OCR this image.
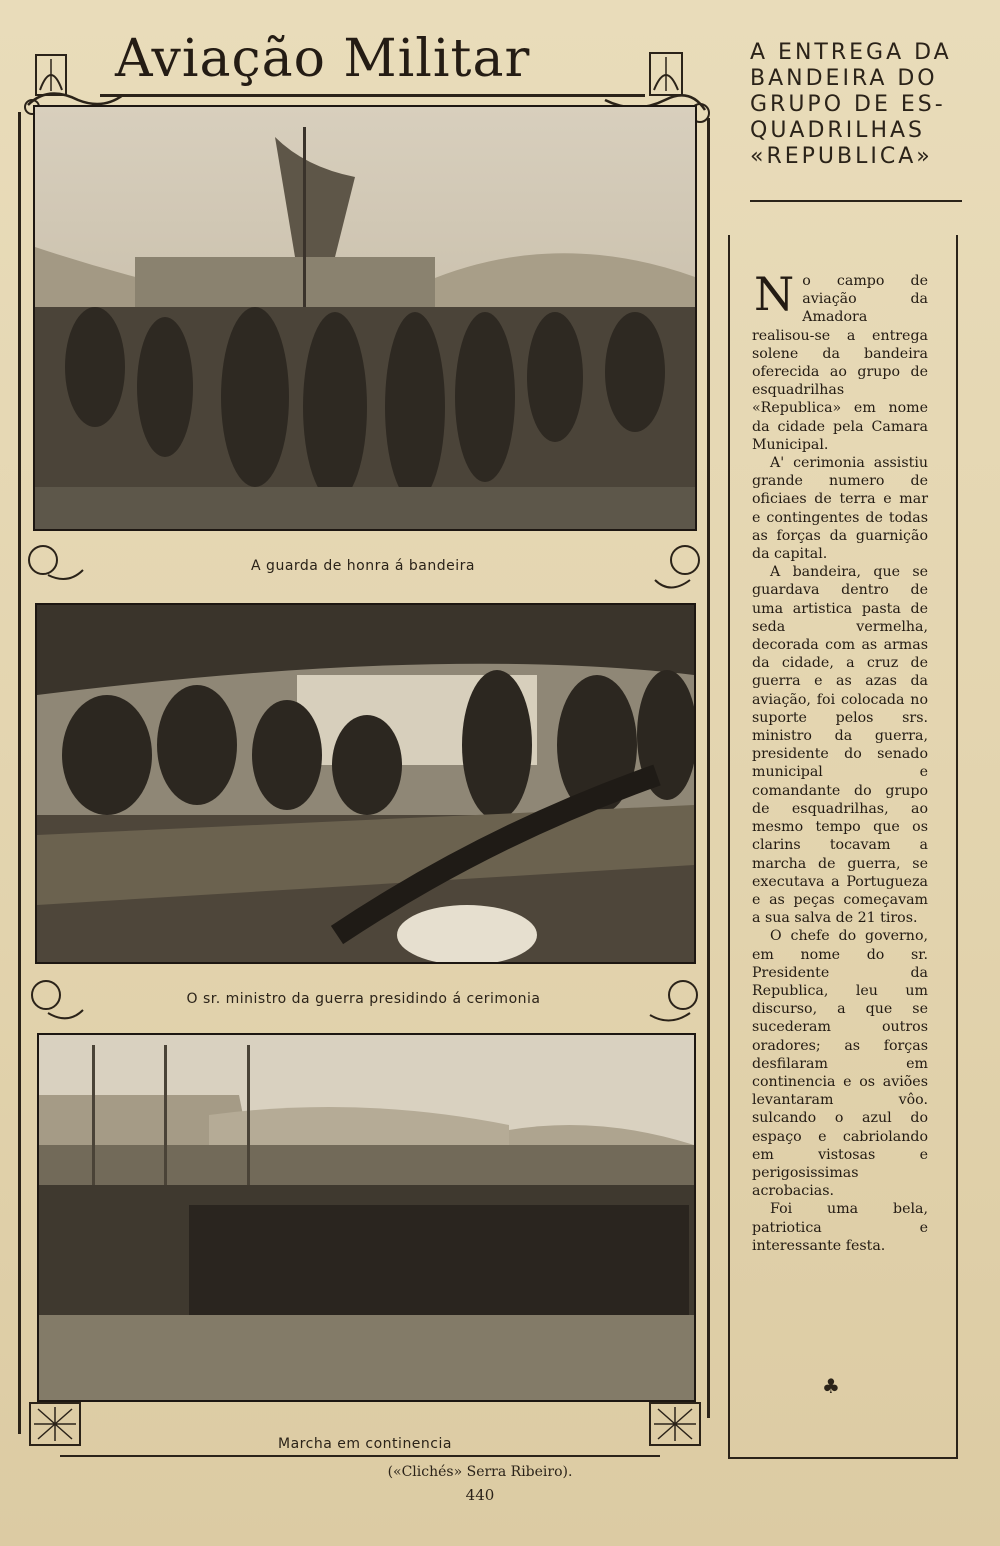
Aviação Militar
A guarda de honra á bandeira
O sr. ministro da guerra presidindo á cerimonia
Marcha em continencia
A ENTREGA DA
BANDEIRA DO
GRUPO DE ES-
QUADRILHAS
«REPUBLICA»

No campo de aviação da Amadora realisou-se a entrega solene da bandeira oferecida ao grupo de esquadrilhas «Republica» em nome da cidade pela Camara Municipal.

A' cerimonia assistiu grande numero de oficiaes de terra e mar e contingentes de todas as forças da guarnição da capital.

A bandeira, que se guardava dentro de uma artistica pasta de seda vermelha, decorada com as armas da cidade, a cruz de guerra e as azas da aviação, foi colocada no suporte pelos srs. ministro da guerra, presidente do senado municipal e comandante do grupo de esquadrilhas, ao mesmo tempo que os clarins tocavam a marcha de guerra, se executava a Portugueza e as peças começavam a sua salva de 21 tiros.

O chefe do governo, em nome do sr. Presidente da Republica, leu um discurso, a que se sucederam outros oradores; as forças desfilaram em continencia e os aviões levantaram vôo. sulcando o azul do espaço e cabriolando em vistosas e perigosissimas acrobacias.

Foi uma bela, patriotica e interessante festa.

♣
(«Clichés» Serra Ribeiro).
440
